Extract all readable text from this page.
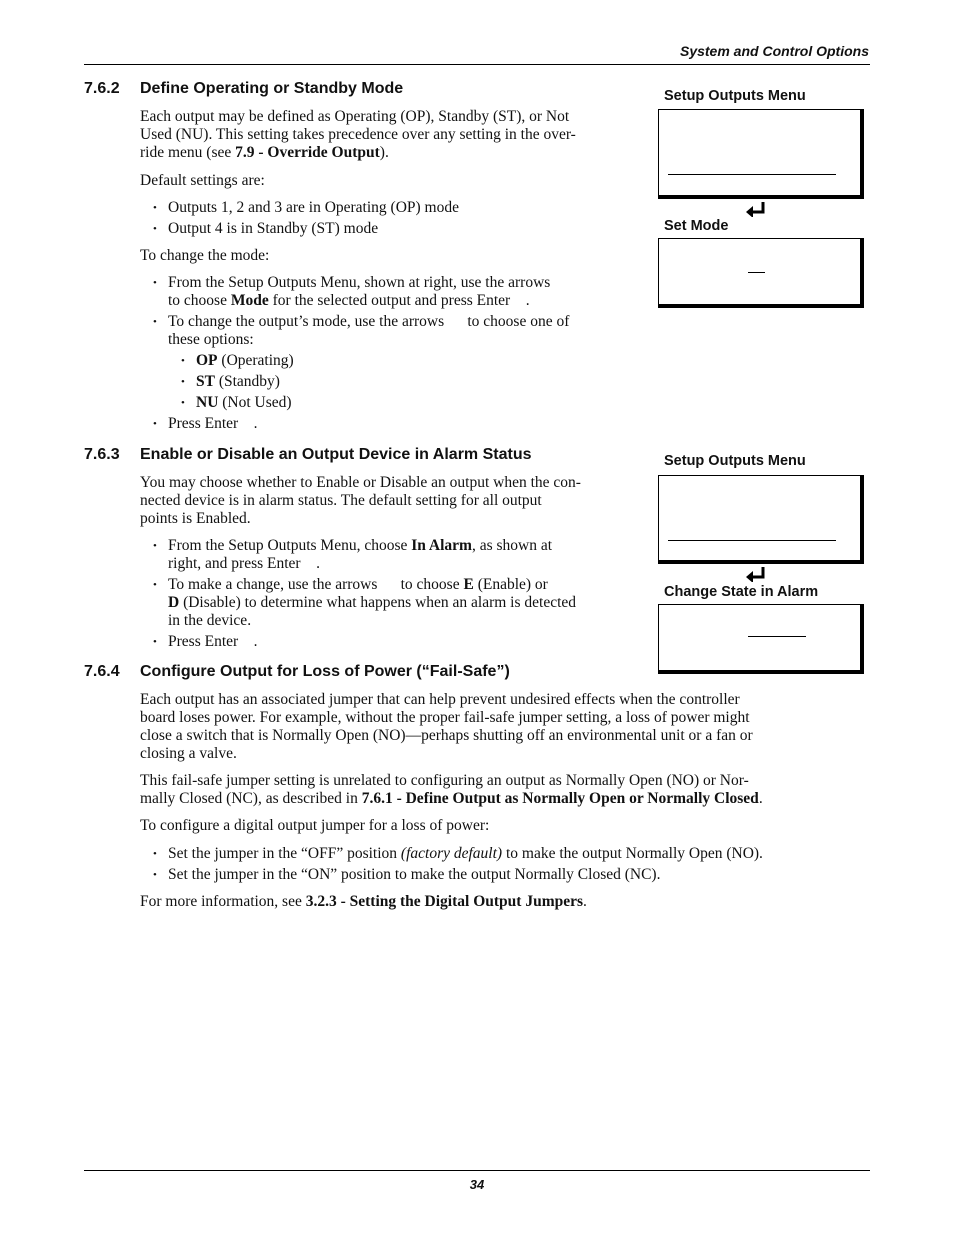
System and Control Options
7.6.2 Define Operating or Standby Mode
Each output may be defined as Operating (OP), Standby (ST), or Not
Used (NU). This setting takes precedence over any setting in the over-
ride menu (see 7.9 - Override Output).
Default settings are:
• Outputs 1, 2 and 3 are in Operating (OP) mode
• Output 4 is in Standby (ST) mode
To change the mode:
• From the Setup Outputs Menu, shown at right, use the arrows
to choose Mode for the selected output and press Enter    .
• To change the output’s mode, use the arrows      to choose one of
these options:
• OP (Operating)
• ST (Standby)
• NU (Not Used)
• Press Enter    .
Setup Outputs Menu
Set Mode
7.6.3 Enable or Disable an Output Device in Alarm Status
You may choose whether to Enable or Disable an output when the con-
nected device is in alarm status. The default setting for all output
points is Enabled.
• From the Setup Outputs Menu, choose In Alarm, as shown at
right, and press Enter    .
• To make a change, use the arrows      to choose E (Enable) or
D (Disable) to determine what happens when an alarm is detected
in the device.
• Press Enter    .
Setup Outputs Menu
Change State in Alarm
7.6.4 Configure Output for Loss of Power (“Fail-Safe”)
Each output has an associated jumper that can help prevent undesired effects when the controller
board loses power. For example, without the proper fail-safe jumper setting, a loss of power might
close a switch that is Normally Open (NO)—perhaps shutting off an environmental unit or a fan or
closing a valve.
This fail-safe jumper setting is unrelated to configuring an output as Normally Open (NO) or Nor-
mally Closed (NC), as described in 7.6.1 - Define Output as Normally Open or Normally Closed.
To configure a digital output jumper for a loss of power:
• Set the jumper in the “OFF” position (factory default) to make the output Normally Open (NO).
• Set the jumper in the “ON” position to make the output Normally Closed (NC).
For more information, see 3.2.3 - Setting the Digital Output Jumpers.
34
